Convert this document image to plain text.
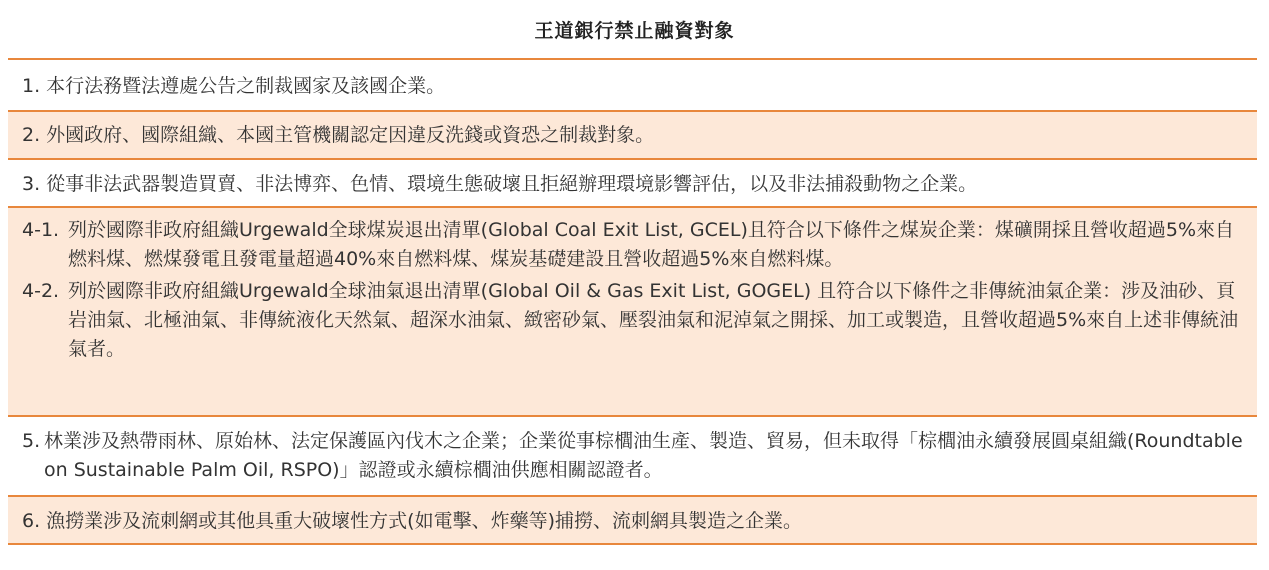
王道銀行禁止融資對象
1. 本行法務暨法遵處公告之制裁國家及該國企業。
2. 外國政府、國際組織、本國主管機關認定因違反洗錢或資恐之制裁對象。
3. 從事非法武器製造買賣、非法博弈、色情、環境生態破壞且拒絕辦理環境影響評估，以及非法捕殺動物之企業。
4-1. 列於國際非政府組織Urgewald全球煤炭退出清單(Global Coal Exit List, GCEL)且符合以下條件之煤炭企業：煤礦開採且營收超過5%來自燃料煤、燃煤發電且發電量超過40%來自燃料煤、煤炭基礎建設且營收超過5%來自燃料煤。
4-2. 列於國際非政府組織Urgewald全球油氣退出清單(Global Oil & Gas Exit List, GOGEL) 且符合以下條件之非傳統油氣企業：涉及油砂、頁岩油氣、北極油氣、非傳統液化天然氣、超深水油氣、緻密砂氣、壓裂油氣和泥淖氣之開採、加工或製造，且營收超過5%來自上述非傳統油氣者。
5. 林業涉及熱帶雨林、原始林、法定保護區內伐木之企業；企業從事棕櫚油生產、製造、貿易，但未取得「棕櫚油永續發展圓桌組織(Roundtable on Sustainable Palm Oil, RSPO)」認證或永續棕櫚油供應相關認證者。
6. 漁撈業涉及流刺網或其他具重大破壞性方式(如電擊、炸藥等)捕撈、流刺網具製造之企業。
